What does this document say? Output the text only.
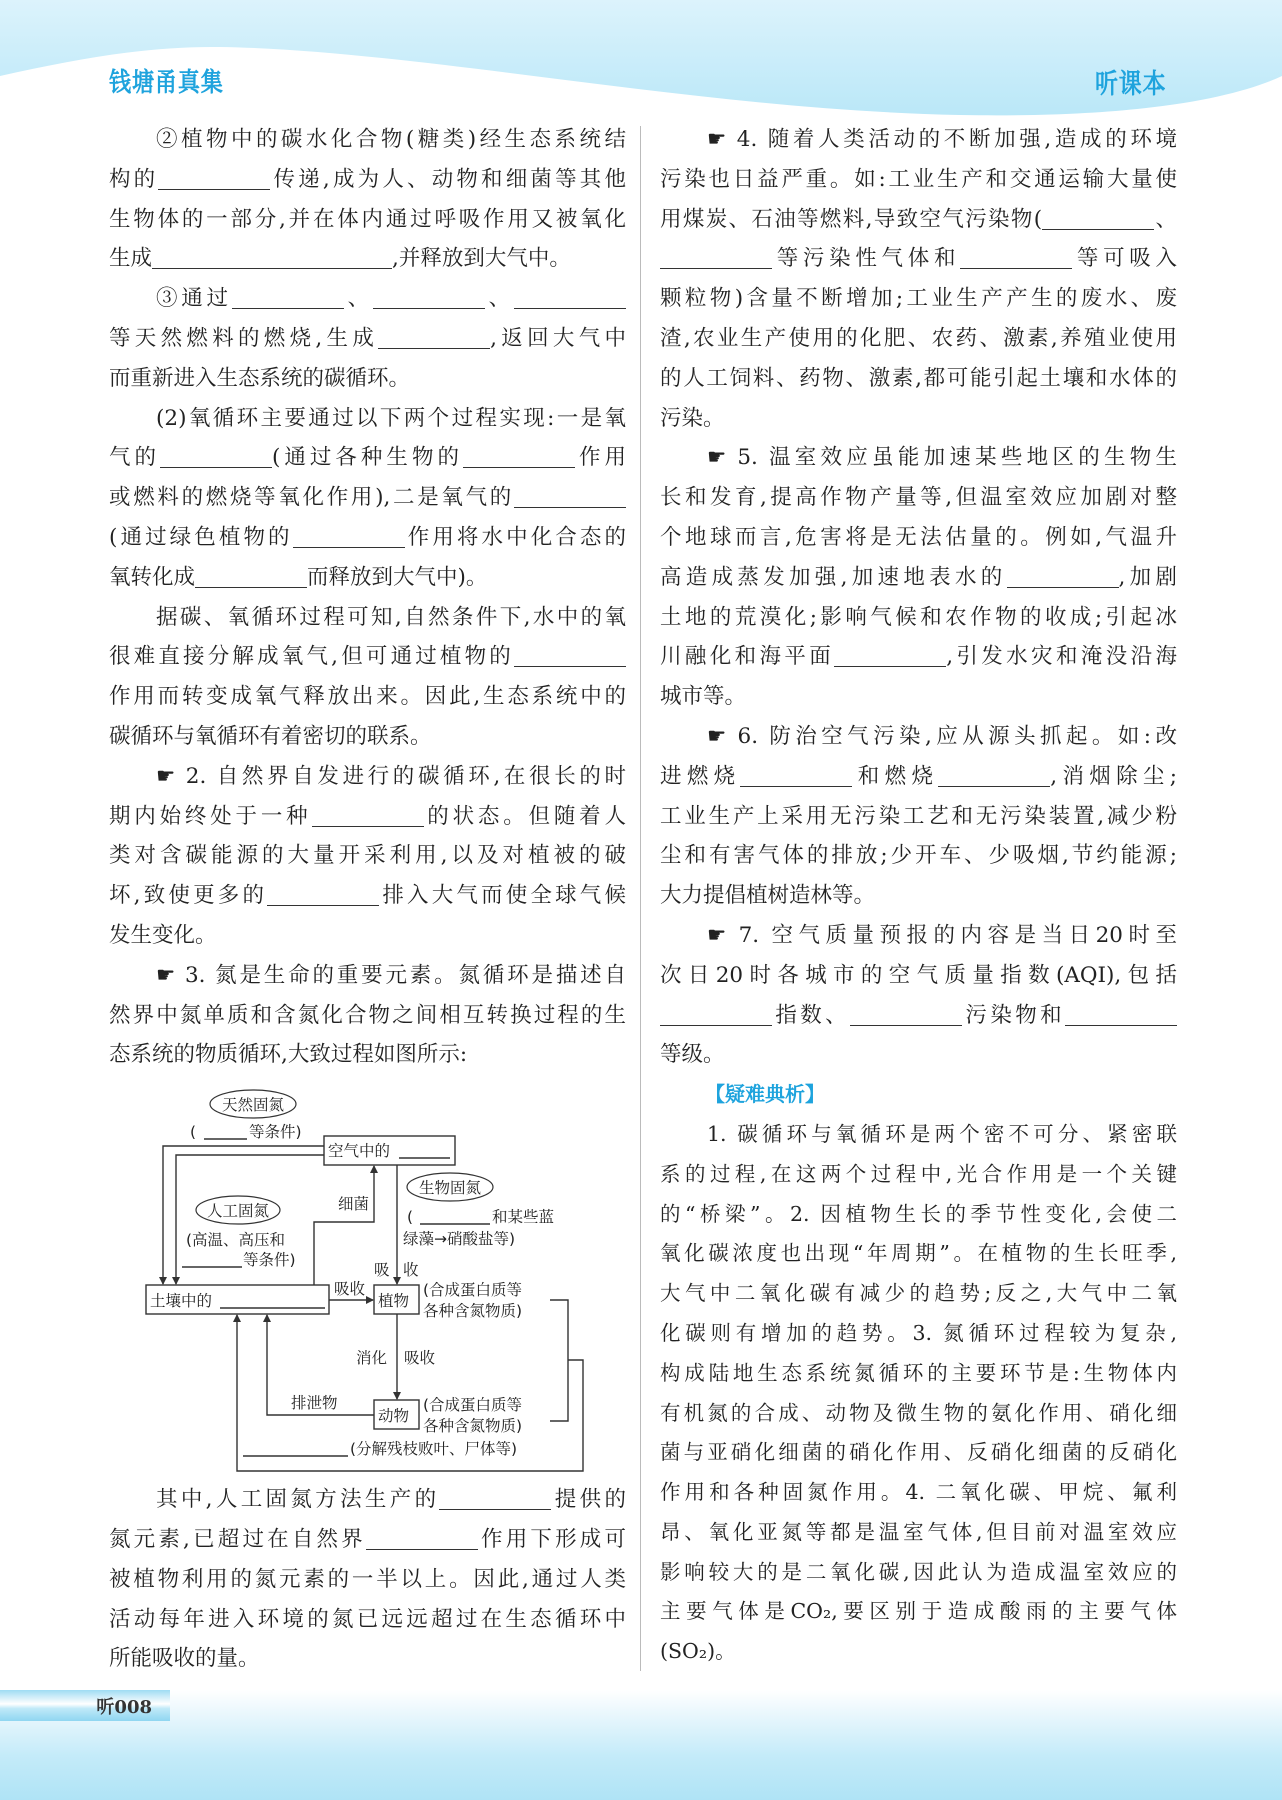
钱塘甬真集	听课本
②植物中的碳水化合物(糖类)经生态系统结
构的	传递,成为人、动物和细菌等其他
生物体的一部分,并在体内通过呼吸作用又被氧化
生成	,并释放到大气中。
③通过	、	、
等天然燃料的燃烧,生成	,返回大气中
而重新进入生态系统的碳循环。
(2)氧循环主要通过以下两个过程实现:一是氧
气的	(通过各种生物的	作用
或燃料的燃烧等氧化作用),二是氧气的
(通过绿色植物的	作用将水中化合态的
氧转化成	而释放到大气中)。
据碳、氧循环过程可知,自然条件下,水中的氧
很难直接分解成氧气,但可通过植物的
作用而转变成氧气释放出来。因此,生态系统中的
碳循环与氧循环有着密切的联系。
☛ 2. 自然界自发进行的碳循环,在很长的时
期内始终处于一种	的状态。但随着人
类对含碳能源的大量开采利用,以及对植被的破
坏,致使更多的	排入大气而使全球气候
发生变化。
☛ 3. 氮是生命的重要元素。氮循环是描述自
然界中氮单质和含氮化合物之间相互转换过程的生
态系统的物质循环,大致过程如图所示:
天然固氮
(	等条件)
空气中的
土壤中的
细菌
生物固氮
(	和某些蓝
绿藻→硝酸盐等)
吸 收
人工固氮
(高温、高压和
等条件)
吸收
植物
(合成蛋白质等
各种含氮物质)
消化 吸收
动物
(合成蛋白质等
各种含氮物质)
排泄物
(分解残枝败叶、尸体等)
其中,人工固氮方法生产的	提供的
氮元素,已超过在自然界	作用下形成可
被植物利用的氮元素的一半以上。因此,通过人类
活动每年进入环境的氮已远远超过在生态循环中
所能吸收的量。
☛ 4. 随着人类活动的不断加强,造成的环境
污染也日益严重。如:工业生产和交通运输大量使
用煤炭、石油等燃料,导致空气污染物(	、
等污染性气体和	等可吸入
颗粒物)含量不断增加;工业生产产生的废水、废
渣,农业生产使用的化肥、农药、激素,养殖业使用
的人工饲料、药物、激素,都可能引起土壤和水体的
污染。
☛ 5. 温室效应虽能加速某些地区的生物生
长和发育,提高作物产量等,但温室效应加剧对整
个地球而言,危害将是无法估量的。例如,气温升
高造成蒸发加强,加速地表水的	,加剧
土地的荒漠化;影响气候和农作物的收成;引起冰
川融化和海平面	,引发水灾和淹没沿海
城市等。
☛ 6. 防治空气污染,应从源头抓起。如:改
进燃烧	和燃烧	,消烟除尘;
工业生产上采用无污染工艺和无污染装置,减少粉
尘和有害气体的排放;少开车、少吸烟,节约能源;
大力提倡植树造林等。
☛ 7. 空气质量预报的内容是当日20时至
次日20时各城市的空气质量指数(AQI),包括
指数、	污染物和
等级。
【疑难典析】
1. 碳循环与氧循环是两个密不可分、紧密联
系的过程,在这两个过程中,光合作用是一个关键
的“桥梁”。2. 因植物生长的季节性变化,会使二
氧化碳浓度也出现“年周期”。在植物的生长旺季,
大气中二氧化碳有减少的趋势;反之,大气中二氧
化碳则有增加的趋势。3. 氮循环过程较为复杂,
构成陆地生态系统氮循环的主要环节是:生物体内
有机氮的合成、动物及微生物的氨化作用、硝化细
菌与亚硝化细菌的硝化作用、反硝化细菌的反硝化
作用和各种固氮作用。4. 二氧化碳、甲烷、氟利
昂、氧化亚氮等都是温室气体,但目前对温室效应
影响较大的是二氧化碳,因此认为造成温室效应的
主要气体是CO₂,要区别于造成酸雨的主要气体
(SO₂)。
听008
